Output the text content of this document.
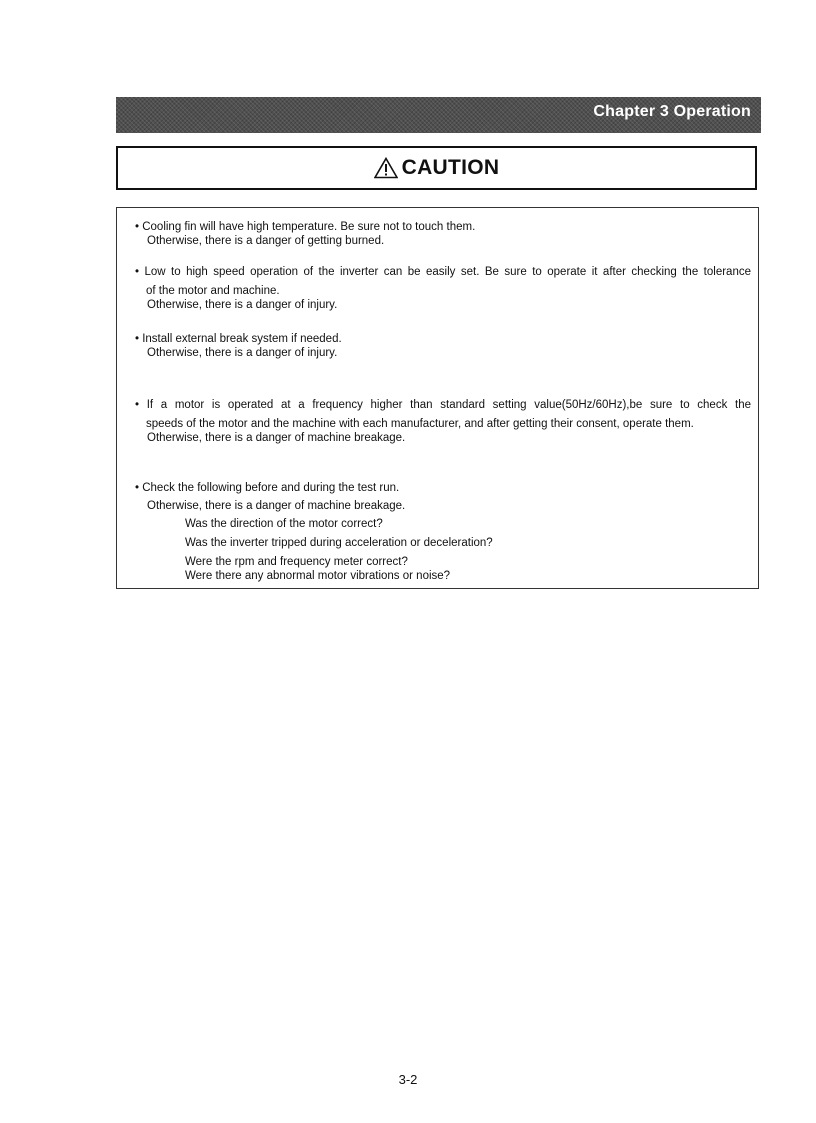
Chapter 3 Operation
CAUTION
• Cooling fin will have high temperature. Be sure not to touch them.
Otherwise, there is a danger of getting burned.
• Low to high speed operation of the inverter can be easily set. Be sure to operate it after checking the tolerance
of the motor and machine.
Otherwise, there is a danger of injury.
• Install external break system if needed.
Otherwise, there is a danger of injury.
• If a motor is operated at a frequency higher than standard setting value(50Hz/60Hz),be sure to check the
speeds of the motor and the machine with each manufacturer, and after getting their consent, operate them.
Otherwise, there is a danger of machine breakage.
• Check the following before and during the test run.
Otherwise, there is a danger of machine breakage.
Was the direction of the motor correct?
Was the inverter tripped during acceleration or deceleration?
Were the rpm and frequency meter correct?
Were there any abnormal motor vibrations or noise?
3-2
